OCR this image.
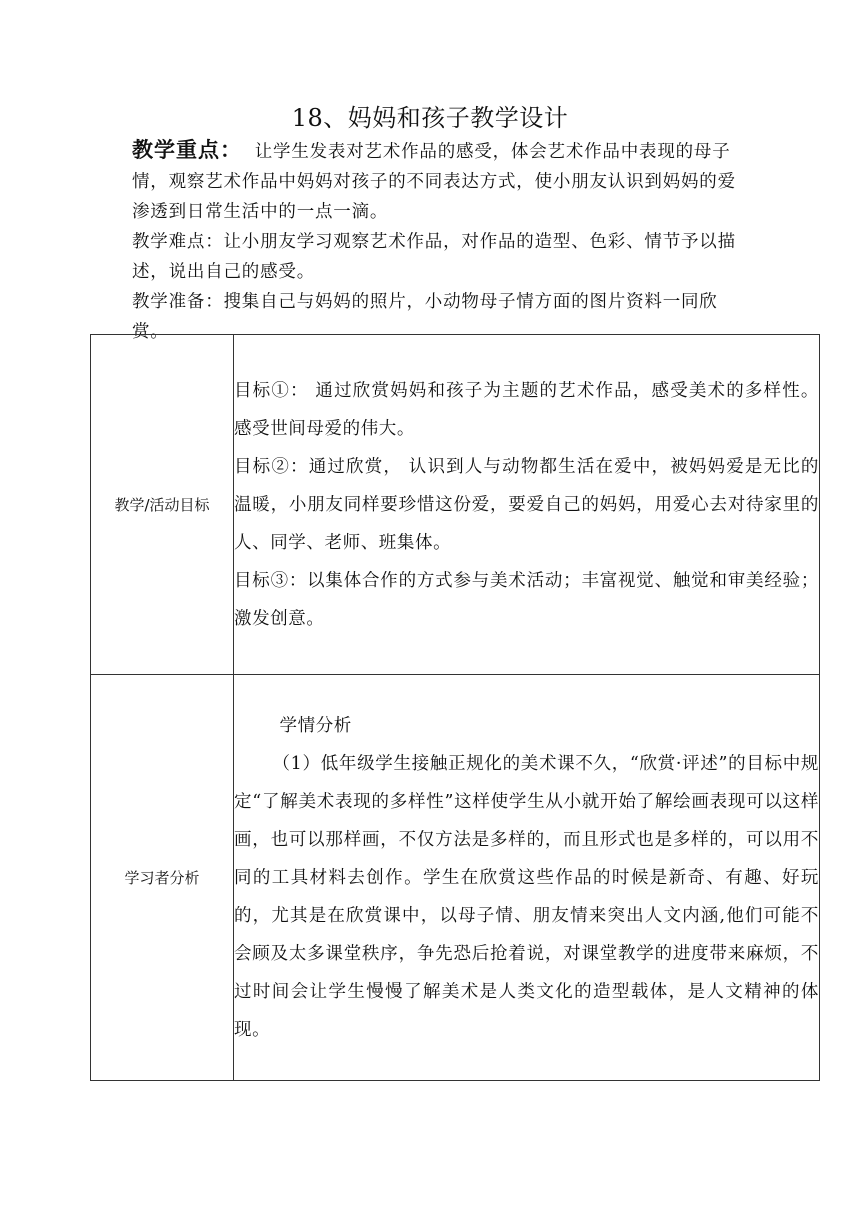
18、妈妈和孩子教学设计

教学重点： 让学生发表对艺术作品的感受，体会艺术作品中表现的母子情，观察艺术作品中妈妈对孩子的不同表达方式，使小朋友认识到妈妈的爱渗透到日常生活中的一点一滴。

教学难点：让小朋友学习观察艺术作品，对作品的造型、色彩、情节予以描述，说出自己的感受。

教学准备：搜集自己与妈妈的照片，小动物母子情方面的图片资料一同欣赏。

教学/活动目标	目标①： 通过欣赏妈妈和孩子为主题的艺术作品，感受美术的多样性。感受世间母爱的伟大。

目标②：通过欣赏， 认识到人与动物都生活在爱中，被妈妈爱是无比的温暖，小朋友同样要珍惜这份爱，要爱自己的妈妈，用爱心去对待家里的人、同学、老师、班集体。

目标③：以集体合作的方式参与美术活动；丰富视觉、触觉和审美经验；激发创意。

学习者分析	学情分析

（1）低年级学生接触正规化的美术课不久，“欣赏·评述”的目标中规定“了解美术表现的多样性”这样使学生从小就开始了解绘画表现可以这样画，也可以那样画，不仅方法是多样的，而且形式也是多样的，可以用不同的工具材料去创作。学生在欣赏这些作品的时候是新奇、有趣、好玩的，尤其是在欣赏课中，以母子情、朋友情来突出人文内涵,他们可能不会顾及太多课堂秩序，争先恐后抢着说，对课堂教学的进度带来麻烦，不过时间会让学生慢慢了解美术是人类文化的造型载体，是人文精神的体现。
